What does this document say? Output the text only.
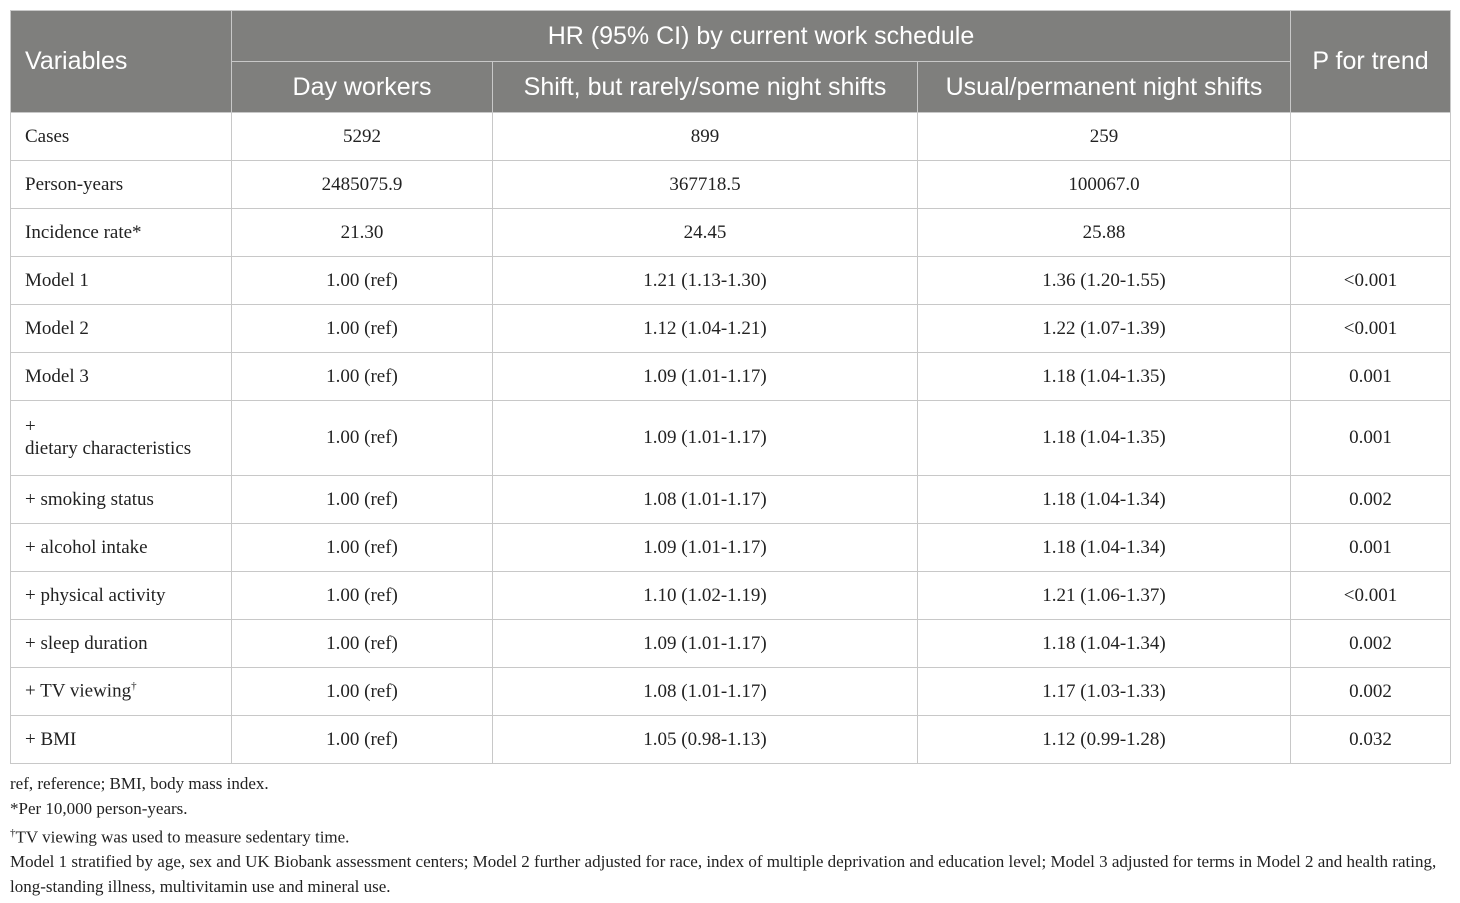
Variables	HR (95% CI) by current work schedule			P for trend
	Day workers	Shift, but rarely/some night shifts	Usual/permanent night shifts	
Cases	5292	899	259	
Person-years	2485075.9	367718.5	100067.0	
Incidence rate*	21.30	24.45	25.88	
Model 1	1.00 (ref)	1.21 (1.13-1.30)	1.36 (1.20-1.55)	<0.001
Model 2	1.00 (ref)	1.12 (1.04-1.21)	1.22 (1.07-1.39)	<0.001
Model 3	1.00 (ref)	1.09 (1.01-1.17)	1.18 (1.04-1.35)	0.001

+
dietary characteristics	1.00 (ref)	1.09 (1.01-1.17)	1.18 (1.04-1.35)	0.001
+ smoking status	1.00 (ref)	1.08 (1.01-1.17)	1.18 (1.04-1.34)	0.002
+ alcohol intake	1.00 (ref)	1.09 (1.01-1.17)	1.18 (1.04-1.34)	0.001
+ physical activity	1.00 (ref)	1.10 (1.02-1.19)	1.21 (1.06-1.37)	<0.001
+ sleep duration	1.00 (ref)	1.09 (1.01-1.17)	1.18 (1.04-1.34)	0.002
+ TV viewing†	1.00 (ref)	1.08 (1.01-1.17)	1.17 (1.03-1.33)	0.002
+ BMI	1.00 (ref)	1.05 (0.98-1.13)	1.12 (0.99-1.28)	0.032

ref, reference; BMI, body mass index.

*Per 10,000 person-years.

†TV viewing was used to measure sedentary time.

Model 1 stratified by age, sex and UK Biobank assessment centers; Model 2 further adjusted for race, index of multiple deprivation and education level; Model 3 adjusted for terms in Model 2 and health rating, long-standing illness, multivitamin use and mineral use.
